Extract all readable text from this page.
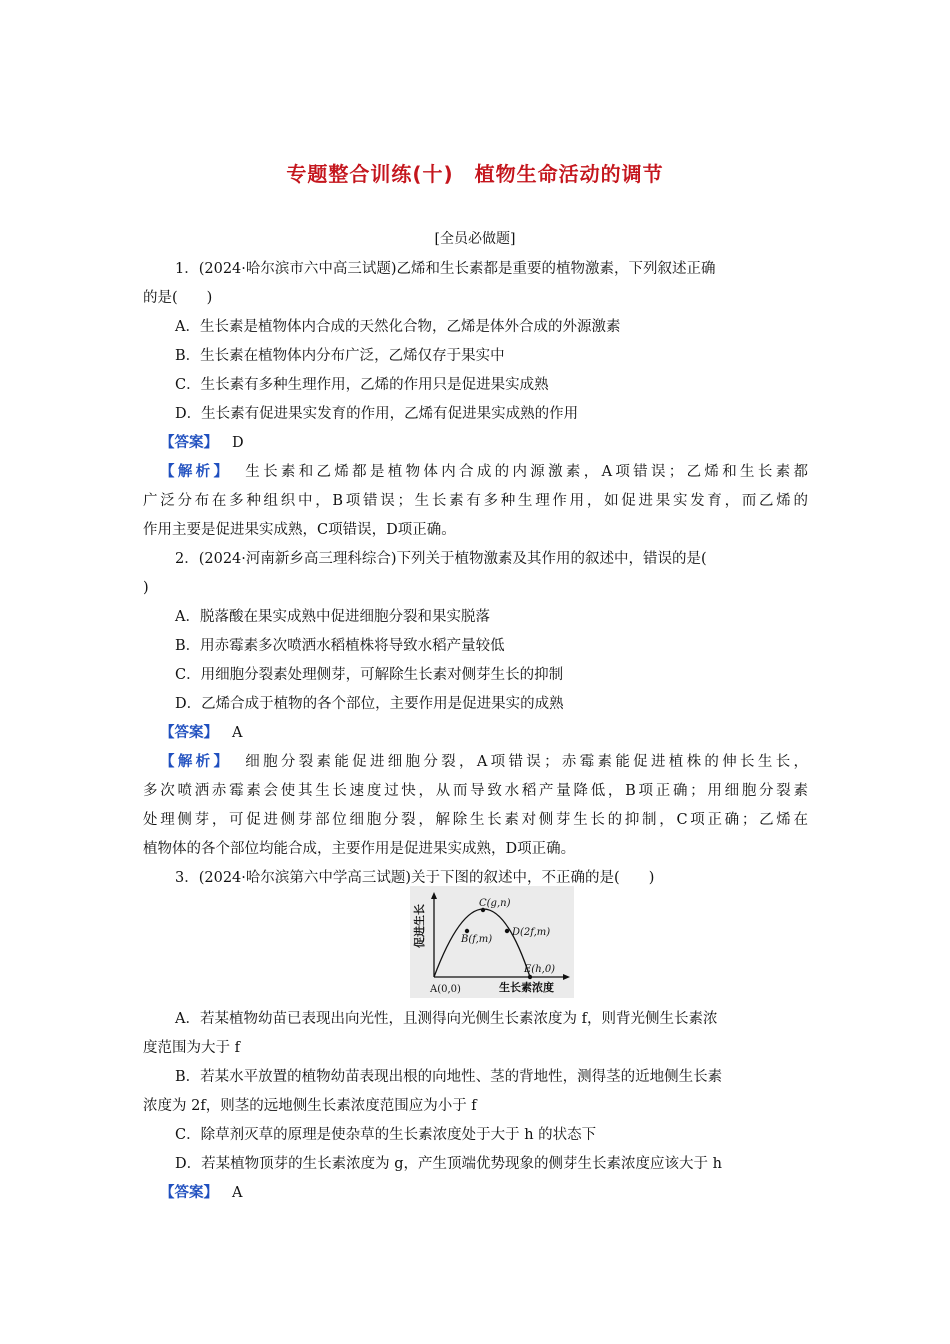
专题整合训练(十)　植物生命活动的调节
[全员必做题]
1．(2024·哈尔滨市六中高三试题)乙烯和生长素都是重要的植物激素，下列叙述正确
的是(　　)
A．生长素是植物体内合成的天然化合物，乙烯是体外合成的外源激素
B．生长素在植物体内分布广泛，乙烯仅存于果实中
C．生长素有多种生理作用，乙烯的作用只是促进果实成熟
D．生长素有促进果实发育的作用，乙烯有促进果实成熟的作用
【答案】 D
【解析】 生长素和乙烯都是植物体内合成的内源激素，A项错误；乙烯和生长素都
广泛分布在多种组织中，B项错误；生长素有多种生理作用，如促进果实发育，而乙烯的
作用主要是促进果实成熟，C项错误，D项正确。
2．(2024·河南新乡高三理科综合)下列关于植物激素及其作用的叙述中，错误的是(
)
A．脱落酸在果实成熟中促进细胞分裂和果实脱落
B．用赤霉素多次喷洒水稻植株将导致水稻产量较低
C．用细胞分裂素处理侧芽，可解除生长素对侧芽生长的抑制
D．乙烯合成于植物的各个部位，主要作用是促进果实的成熟
【答案】 A
【解析】 细胞分裂素能促进细胞分裂，A项错误；赤霉素能促进植株的伸长生长，
多次喷洒赤霉素会使其生长速度过快，从而导致水稻产量降低，B项正确；用细胞分裂素
处理侧芽，可促进侧芽部位细胞分裂，解除生长素对侧芽生长的抑制，C项正确；乙烯在
植物体的各个部位均能合成，主要作用是促进果实成熟，D项正确。
3．(2024·哈尔滨第六中学高三试题)关于下图的叙述中，不正确的是(　　)
促进生长
生长素浓度
A(0,0)
B(f,m)
C(g,n)
D(2f,m)
E(h,0)
A．若某植物幼苗已表现出向光性，且测得向光侧生长素浓度为 f，则背光侧生长素浓
度范围为大于 f
B．若某水平放置的植物幼苗表现出根的向地性、茎的背地性，测得茎的近地侧生长素
浓度为 2f，则茎的远地侧生长素浓度范围应为小于 f
C．除草剂灭草的原理是使杂草的生长素浓度处于大于 h 的状态下
D．若某植物顶芽的生长素浓度为 g，产生顶端优势现象的侧芽生长素浓度应该大于 h
【答案】 A
